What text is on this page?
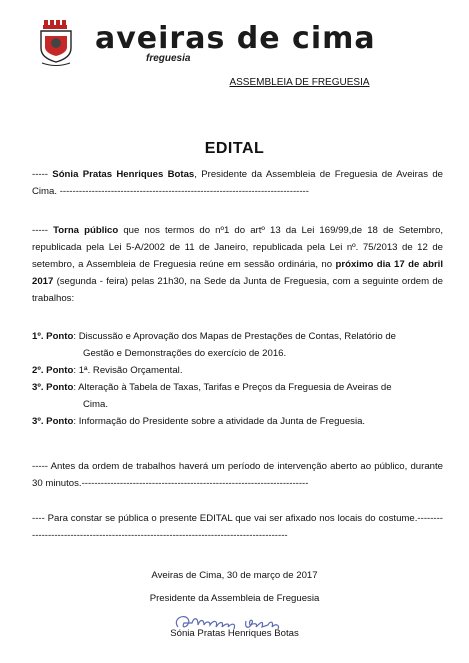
aveiras de cima
freguesia
ASSEMBLEIA DE FREGUESIA
EDITAL
----- Sónia Pratas Henriques Botas, Presidente da Assembleia de Freguesia de Aveiras de Cima. ------------------------------------------------------------------------------
----- Torna público que nos termos do nº1 do artº 13 da Lei 169/99,de 18 de Setembro, republicada pela Lei 5-A/2002 de 11 de Janeiro, republicada pela Lei nº. 75/2013 de 12 de setembro, a Assembleia de Freguesia reúne em sessão ordinária, no próximo dia 17 de abril 2017 (segunda - feira) pelas 21h30, na Sede da Junta de Freguesia, com a seguinte ordem de trabalhos:
1º. Ponto: Discussão e Aprovação dos Mapas de Prestações de Contas, Relatório de
Gestão e Demonstrações do exercício de 2016.
2º. Ponto: 1ª. Revisão Orçamental.
3º. Ponto: Alteração à Tabela de Taxas, Tarifas e Preços da Freguesia de Aveiras de
Cima.
3º. Ponto: Informação do Presidente sobre a atividade da Junta de Freguesia.
----- Antes da ordem de trabalhos haverá um período de intervenção aberto ao público, durante 30 minutos.-----------------------------------------------------------------------
---- Para constar se pública o presente EDITAL que vai ser afixado nos locais do costume.----------------------------------------------------------------------------------------
Aveiras de Cima, 30 de março de 2017
Presidente da Assembleia de Freguesia
Sónia Pratas Henriques Botas
